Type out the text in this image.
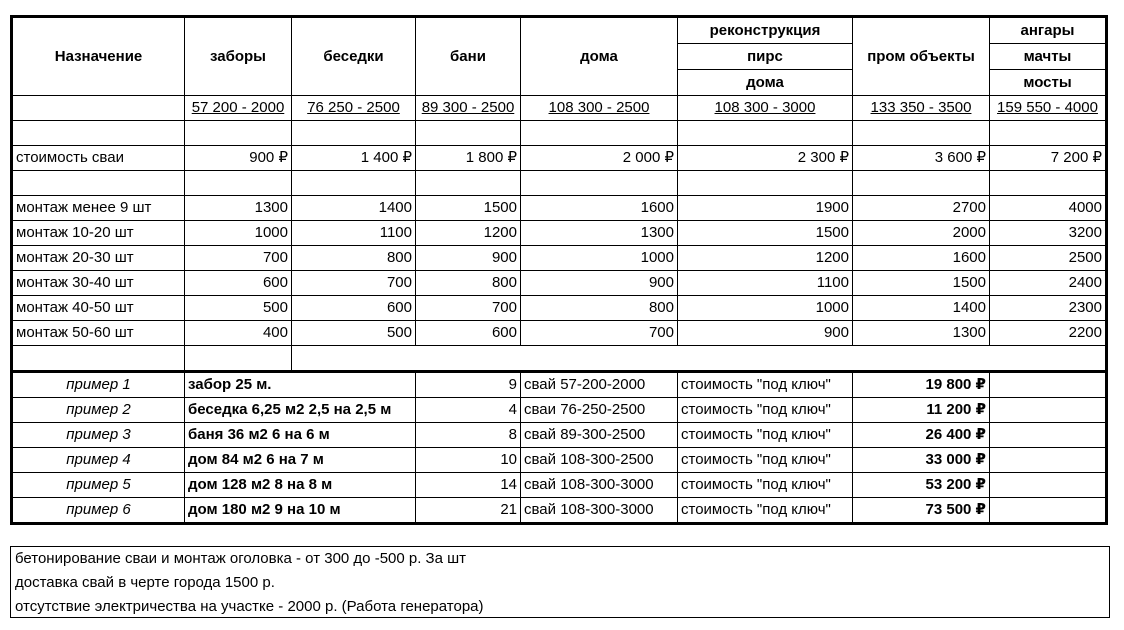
Назначение	заборы	беседки	бани	дома	реконструкция	пром объекты	ангары
					пирс		мачты
					дома		мосты
	57 200 - 2000	76 250 - 2500	89 300 - 2500	108 300 - 2500	108 300 - 3000	133 350 - 3500	159 550 - 4000

стоимость сваи	900 ₽	1 400 ₽	1 800 ₽	2 000 ₽	2 300 ₽	3 600 ₽	7 200 ₽

монтаж менее 9 шт	1300	1400	1500	1600	1900	2700	4000
монтаж 10-20 шт	1000	1100	1200	1300	1500	2000	3200
монтаж 20-30 шт	700	800	900	1000	1200	1600	2500
монтаж 30-40 шт	600	700	800	900	1100	1500	2400
монтаж 40-50 шт	500	600	700	800	1000	1400	2300
монтаж 50-60 шт	400	500	600	700	900	1300	2200

пример 1	забор 25 м.		9	свай 57-200-2000	стоимость "под ключ"	19 800 ₽	
пример 2	беседка 6,25 м2 2,5 на 2,5 м		4	сваи 76-250-2500	стоимость "под ключ"	11 200 ₽	
пример 3	баня 36 м2 6 на 6 м		8	свай 89-300-2500	стоимость "под ключ"	26 400 ₽	
пример 4	дом 84 м2 6 на 7 м		10	свай 108-300-2500	стоимость "под ключ"	33 000 ₽	
пример 5	дом 128 м2 8 на 8 м		14	свай 108-300-3000	стоимость "под ключ"	53 200 ₽	
пример 6	дом 180 м2 9 на 10 м		21	свай 108-300-3000	стоимость "под ключ"	73 500 ₽	
бетонирование сваи и монтаж оголовка - от 300 до -500 р. За шт
доставка свай в черте города 1500 р.
отсутствие электричества на участке - 2000 р. (Работа генератора)
